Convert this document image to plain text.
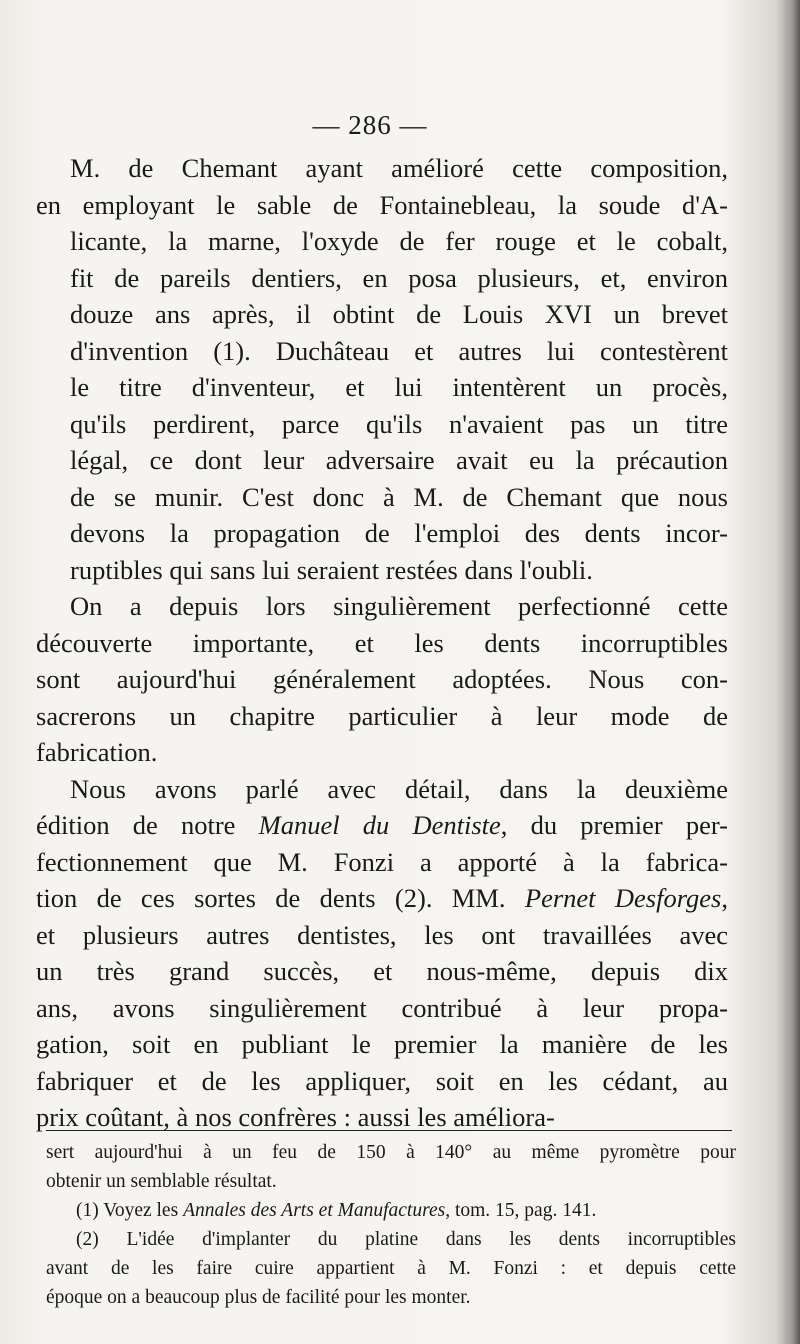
— 286 —

M. de Chemant ayant amélioré cette composition,
en employant le sable de Fontainebleau, la soude d'A-
licante, la marne, l'oxyde de fer rouge et le cobalt,
fit de pareils dentiers, en posa plusieurs, et, environ
douze ans après, il obtint de Louis XVI un brevet
d'invention (1). Duchâteau et autres lui contestèrent
le titre d'inventeur, et lui intentèrent un procès,
qu'ils perdirent, parce qu'ils n'avaient pas un titre
légal, ce dont leur adversaire avait eu la précaution
de se munir. C'est donc à M. de Chemant que nous
devons la propagation de l'emploi des dents incor-
ruptibles qui sans lui seraient restées dans l'oubli.

On a depuis lors singulièrement perfectionné cette
découverte importante, et les dents incorruptibles
sont aujourd'hui généralement adoptées. Nous con-
sacrerons un chapitre particulier à leur mode de
fabrication.

Nous avons parlé avec détail, dans la deuxième
édition de notre Manuel du Dentiste, du premier per-
fectionnement que M. Fonzi a apporté à la fabrica-
tion de ces sortes de dents (2). MM. Pernet Desforges,
et plusieurs autres dentistes, les ont travaillées avec
un très grand succès, et nous-même, depuis dix
ans, avons singulièrement contribué à leur propa-
gation, soit en publiant le premier la manière de les
fabriquer et de les appliquer, soit en les cédant, au
prix coûtant, à nos confrères : aussi les améliora-

sert aujourd'hui à un feu de 150 à 140° au même pyromètre pour
obtenir un semblable résultat.
(1) Voyez les Annales des Arts et Manufactures, tom. 15, pag. 141.
(2) L'idée d'implanter du platine dans les dents incorruptibles
avant de les faire cuire appartient à M. Fonzi : et depuis cette
époque on a beaucoup plus de facilité pour les monter.
